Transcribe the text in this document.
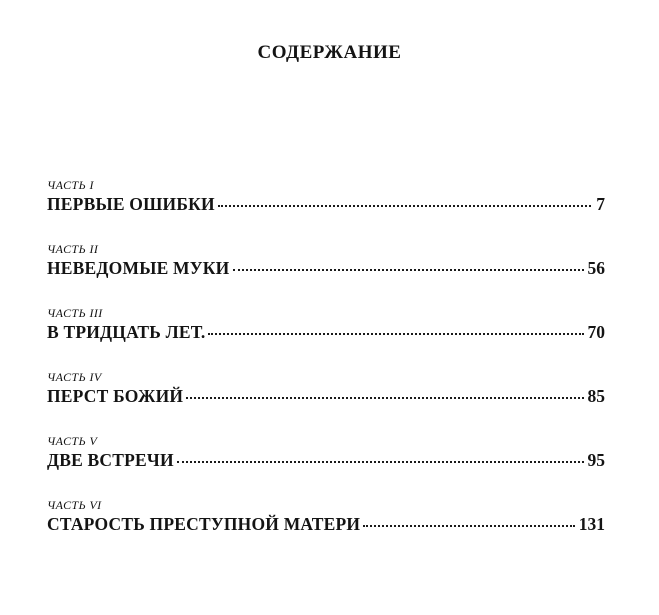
СОДЕРЖАНИЕ
ЧАСТЬ I
ПЕРВЫЕ ОШИБКИ	7
ЧАСТЬ II
НЕВЕДОМЫЕ МУКИ	56
ЧАСТЬ III
В ТРИДЦАТЬ ЛЕТ.	70
ЧАСТЬ IV
ПЕРСТ БОЖИЙ	85
ЧАСТЬ V
ДВЕ ВСТРЕЧИ	95
ЧАСТЬ VI
СТАРОСТЬ ПРЕСТУПНОЙ МАТЕРИ	131
